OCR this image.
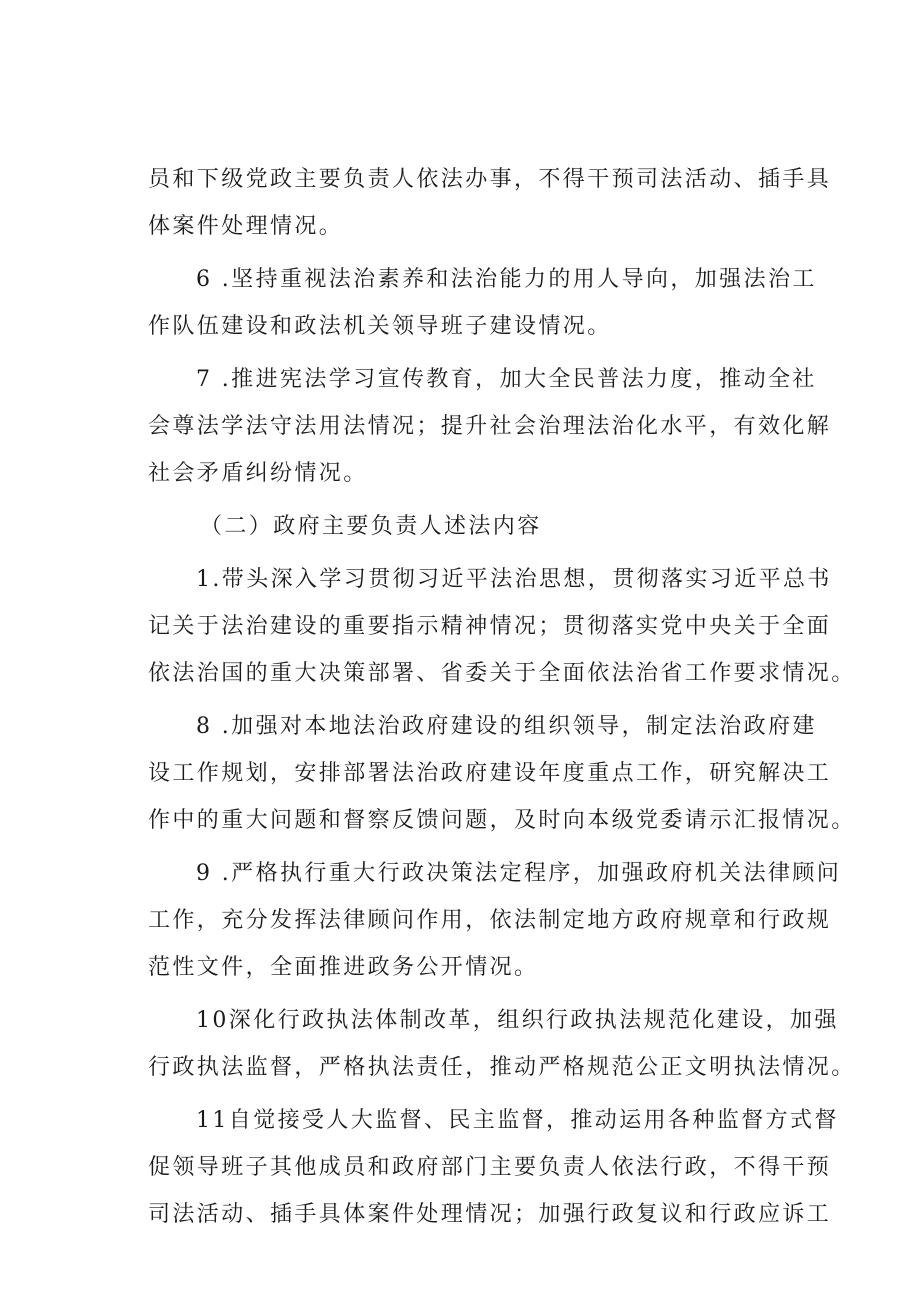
员和下级党政主要负责人依法办事，不得干预司法活动、插手具
体案件处理情况。
6 .坚持重视法治素养和法治能力的用人导向，加强法治工
作队伍建设和政法机关领导班子建设情况。
7 .推进宪法学习宣传教育，加大全民普法力度，推动全社
会尊法学法守法用法情况；提升社会治理法治化水平，有效化解
社会矛盾纠纷情况。
（二）政府主要负责人述法内容
1.带头深入学习贯彻习近平法治思想，贯彻落实习近平总书
记关于法治建设的重要指示精神情况；贯彻落实党中央关于全面
依法治国的重大决策部署、省委关于全面依法治省工作要求情况。
8 .加强对本地法治政府建设的组织领导，制定法治政府建
设工作规划，安排部署法治政府建设年度重点工作，研究解决工
作中的重大问题和督察反馈问题，及时向本级党委请示汇报情况。
9 .严格执行重大行政决策法定程序，加强政府机关法律顾问
工作，充分发挥法律顾问作用，依法制定地方政府规章和行政规
范性文件，全面推进政务公开情况。
10深化行政执法体制改革，组织行政执法规范化建设，加强
行政执法监督，严格执法责任，推动严格规范公正文明执法情况。
11自觉接受人大监督、民主监督，推动运用各种监督方式督
促领导班子其他成员和政府部门主要负责人依法行政，不得干预
司法活动、插手具体案件处理情况；加强行政复议和行政应诉工
